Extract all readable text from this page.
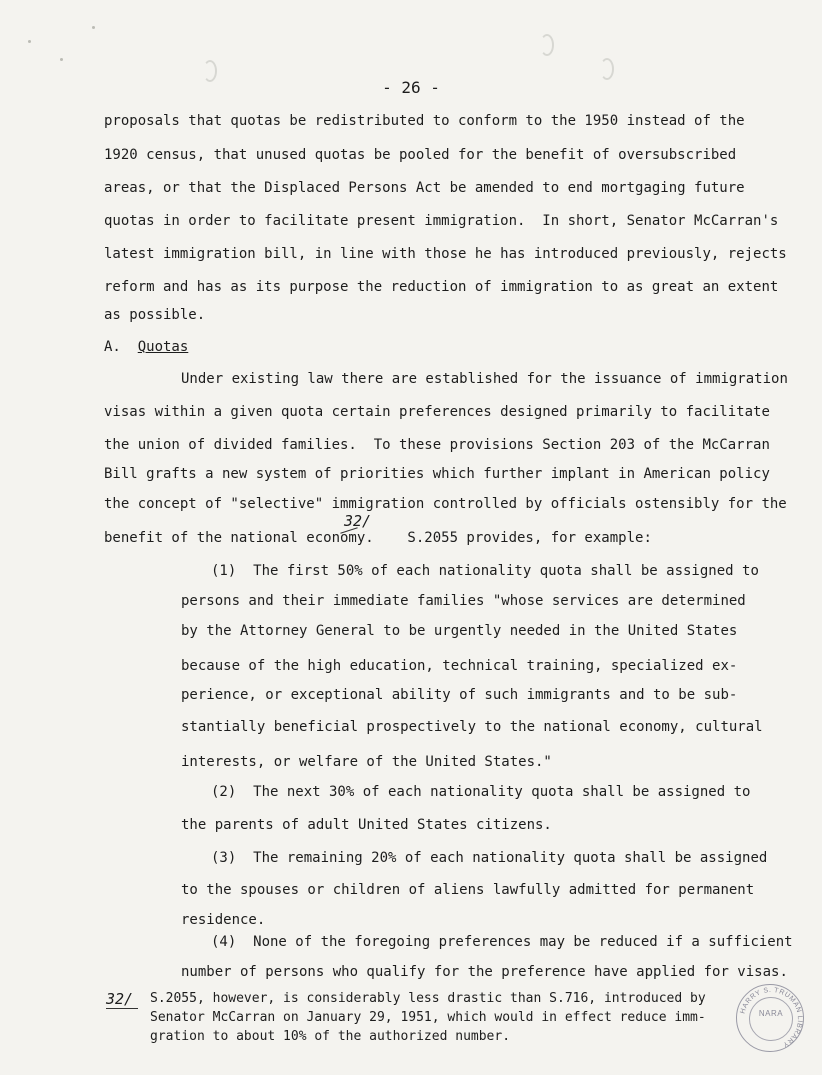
- 26 -
proposals that quotas be redistributed to conform to the 1950 instead of the
1920 census, that unused quotas be pooled for the benefit of oversubscribed
areas, or that the Displaced Persons Act be amended to end mortgaging future
quotas in order to facilitate present immigration.  In short, Senator McCarran's
latest immigration bill, in line with those he has introduced previously, rejects
reform and has as its purpose the reduction of immigration to as great an extent
as possible.
A. Quotas
Under existing law there are established for the issuance of immigration
visas within a given quota certain preferences designed primarily to facilitate
the union of divided families.  To these provisions Section 203 of the McCarran
Bill grafts a new system of priorities which further implant in American policy
the concept of "selective" immigration controlled by officials ostensibly for the
benefit of the national economy.    S.2055 provides, for example:
32/
(1)  The first 50% of each nationality quota shall be assigned to
persons and their immediate families "whose services are determined
by the Attorney General to be urgently needed in the United States
because of the high education, technical training, specialized ex-
perience, or exceptional ability of such immigrants and to be sub-
stantially beneficial prospectively to the national economy, cultural
interests, or welfare of the United States."
(2)  The next 30% of each nationality quota shall be assigned to
the parents of adult United States citizens.
(3)  The remaining 20% of each nationality quota shall be assigned
to the spouses or children of aliens lawfully admitted for permanent
residence.
(4)  None of the foregoing preferences may be reduced if a sufficient
number of persons who qualify for the preference have applied for visas.
32/ S.2055, however, is considerably less drastic than S.716, introduced by
Senator McCarran on January 29, 1951, which would in effect reduce imm-
gration to about 10% of the authorized number.
HARRY S. TRUMAN LIBRARY
NARA
